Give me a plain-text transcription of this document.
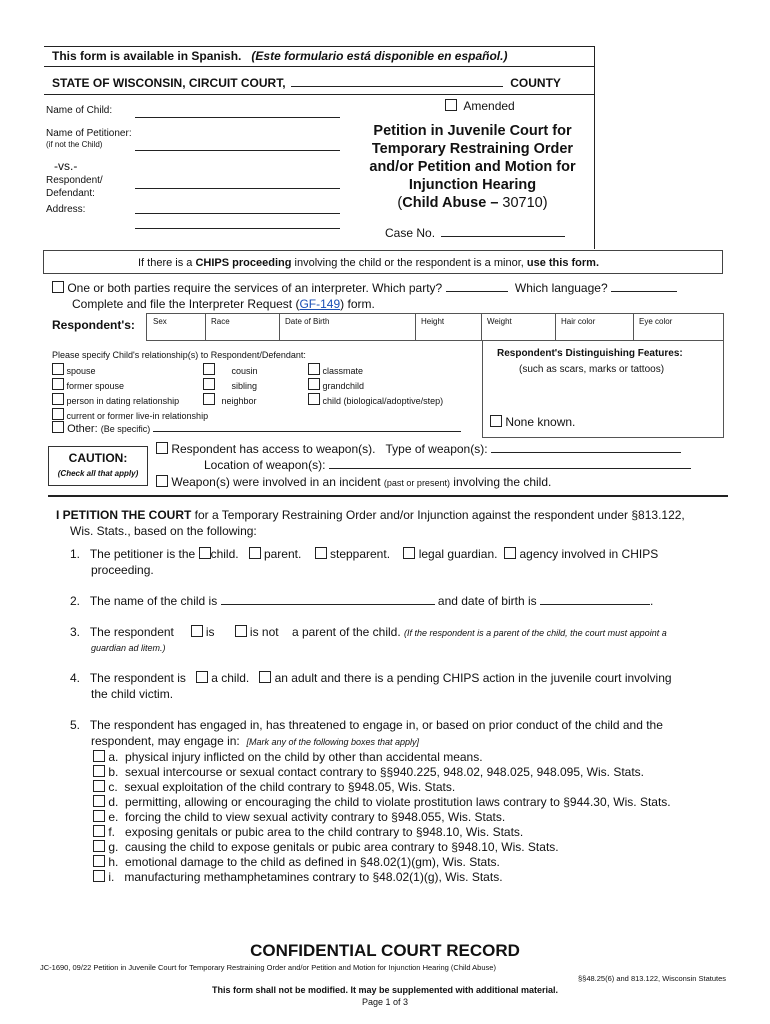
This form is available in Spanish. (Este formulario está disponible en español.)
STATE OF WISCONSIN, CIRCUIT COURT,	COUNTY
Name of Child:
Name of Petitioner:
(if not the Child)
-vs.-
Respondent/
Defendant:
Address:
Amended
Petition in Juvenile Court for
Temporary Restraining Order
and/or Petition and Motion for
Injunction Hearing
(Child Abuse – 30710)
Case No.
If there is a CHIPS proceeding involving the child or the respondent is a minor, use this form.
One or both parties require the services of an interpreter. Which party?	Which language?
Complete and file the Interpreter Request (GF-149) form.
Respondent's: Sex	Race	Date of Birth	Height	Weight	Hair color	Eye color
Please specify Child's relationship(s) to Respondent/Defendant:
spouse
former spouse
person in dating relationship
current or former live-in relationship
cousin
sibling
neighbor
classmate
grandchild
child (biological/adoptive/step)
Other: (Be specific)
Respondent's Distinguishing Features:
(such as scars, marks or tattoos)
None known.
CAUTION:
(Check all that apply)
Respondent has access to weapon(s). Type of weapon(s):
Location of weapon(s):
Weapon(s) were involved in an incident (past or present) involving the child.
I PETITION THE COURT for a Temporary Restraining Order and/or Injunction against the respondent under §813.122,
Wis. Stats., based on the following:
1. The petitioner is the child. parent. stepparent. legal guardian. agency involved in CHIPS
proceeding.
2. The name of the child is	and date of birth is	.
3. The respondent	is	is not a parent of the child. (If the respondent is a parent of the child, the court must appoint a
guardian ad litem.)
4. The respondent is a child. an adult and there is a pending CHIPS action in the juvenile court involving
the child victim.
5. The respondent has engaged in, has threatened to engage in, or based on prior conduct of the child and the
respondent, may engage in: [Mark any of the following boxes that apply]
a. physical injury inflicted on the child by other than accidental means.
b. sexual intercourse or sexual contact contrary to §§940.225, 948.02, 948.025, 948.095, Wis. Stats.
c. sexual exploitation of the child contrary to §948.05, Wis. Stats.
d. permitting, allowing or encouraging the child to violate prostitution laws contrary to §944.30, Wis. Stats.
e. forcing the child to view sexual activity contrary to §948.055, Wis. Stats.
f. exposing genitals or pubic area to the child contrary to §948.10, Wis. Stats.
g. causing the child to expose genitals or pubic area contrary to §948.10, Wis. Stats.
h. emotional damage to the child as defined in §48.02(1)(gm), Wis. Stats.
i. manufacturing methamphetamines contrary to §48.02(1)(g), Wis. Stats.
CONFIDENTIAL COURT RECORD
JC-1690, 09/22 Petition in Juvenile Court for Temporary Restraining Order and/or Petition and Motion for Injunction Hearing (Child Abuse)
§§48.25(6) and 813.122, Wisconsin Statutes
This form shall not be modified. It may be supplemented with additional material.
Page 1 of 3
